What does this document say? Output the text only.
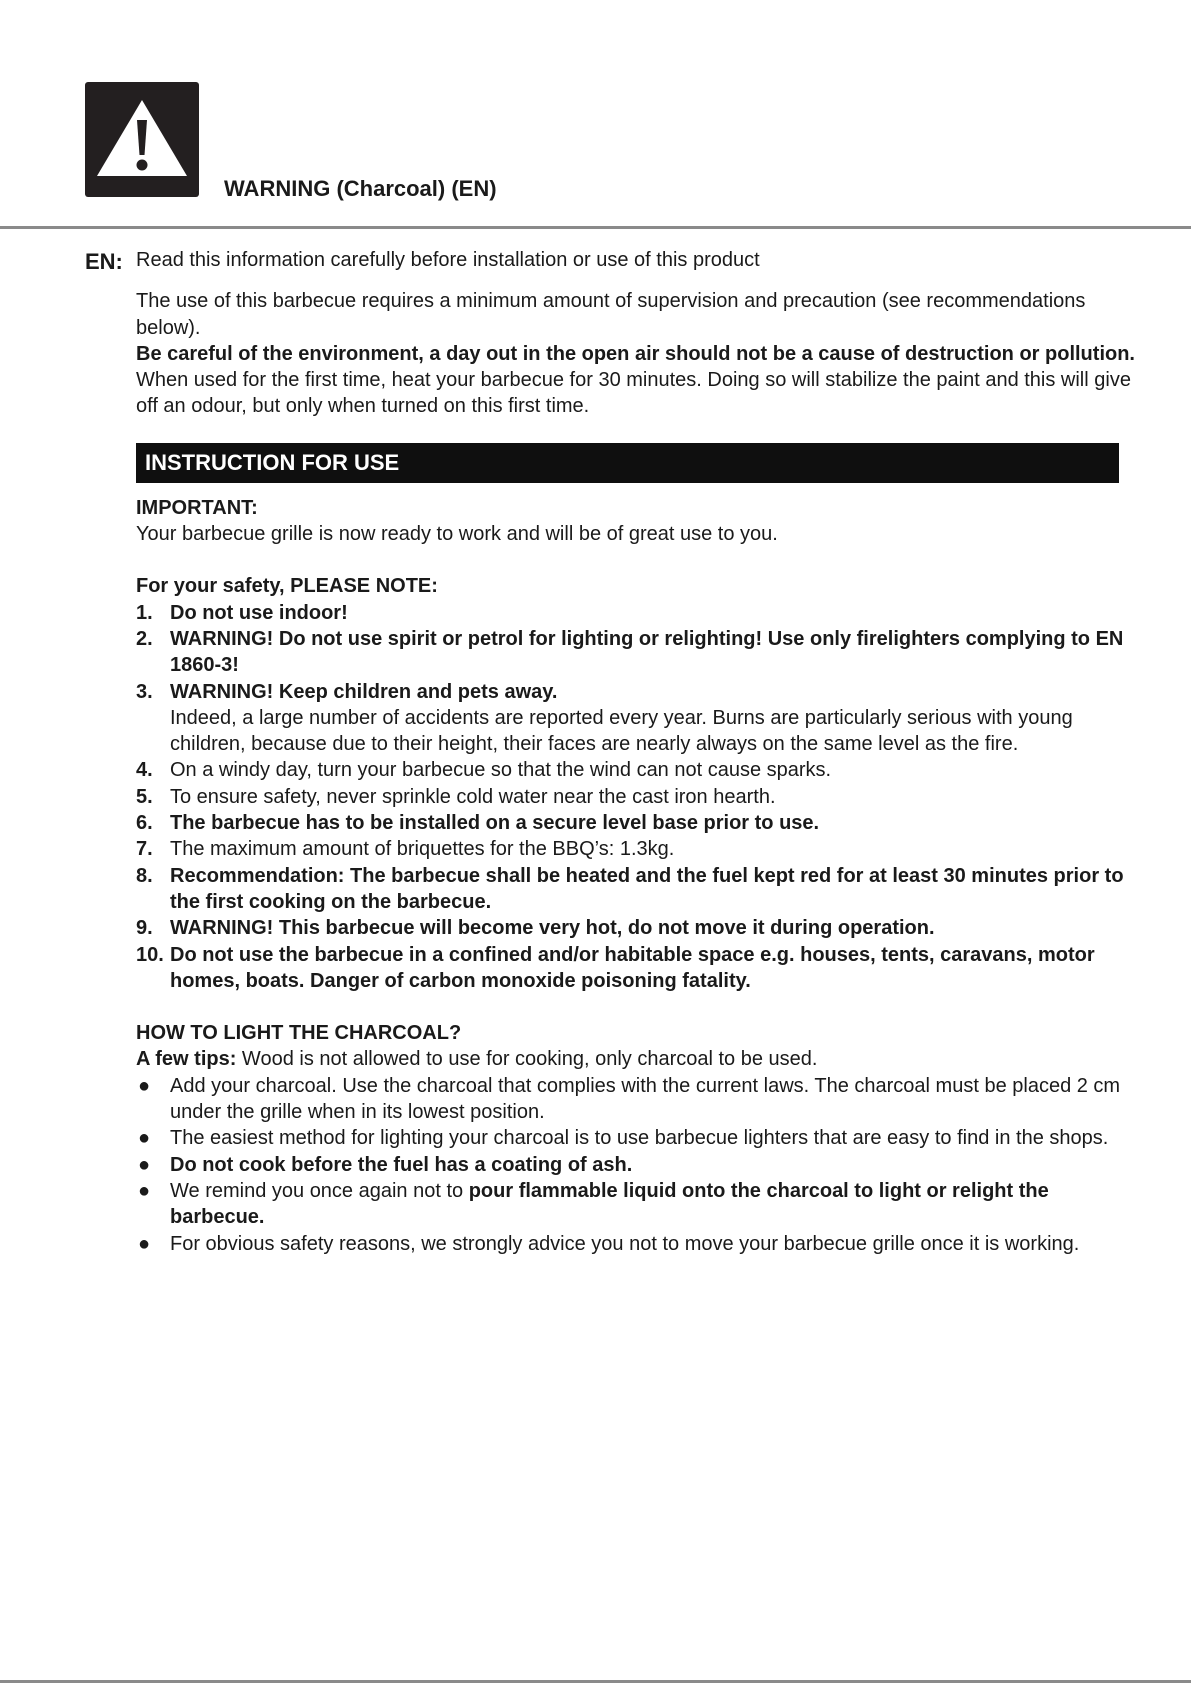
WARNING (Charcoal) (EN)
EN: Read this information carefully before installation or use of this product

The use of this barbecue requires a minimum amount of supervision and precaution (see recommendations below).
Be careful of the environment, a day out in the open air should not be a cause of destruction or pollution. When used for the first time, heat your barbecue for 30 minutes. Doing so will stabilize the paint and this will give off an odour, but only when turned on this first time.

INSTRUCTION FOR USE

IMPORTANT:

Your barbecue grille is now ready to work and will be of great use to you.

For your safety, PLEASE NOTE:

1. Do not use indoor!
2. WARNING! Do not use spirit or petrol for lighting or relighting! Use only firelighters complying to EN 1860-3!
3. WARNING! Keep children and pets away.
Indeed, a large number of accidents are reported every year. Burns are particularly serious with young children, because due to their height, their faces are nearly always on the same level as the fire.
4. On a windy day, turn your barbecue so that the wind can not cause sparks.
5. To ensure safety, never sprinkle cold water near the cast iron hearth.
6. The barbecue has to be installed on a secure level base prior to use.
7. The maximum amount of briquettes for the BBQ’s: 1.3kg.
8. Recommendation: The barbecue shall be heated and the fuel kept red for at least 30 minutes prior to the first cooking on the barbecue.
9. WARNING! This barbecue will become very hot, do not move it during operation.
10. Do not use the barbecue in a confined and/or habitable space e.g. houses, tents, caravans, motor homes, boats. Danger of carbon monoxide poisoning fatality.

HOW TO LIGHT THE CHARCOAL?

A few tips: Wood is not allowed to use for cooking, only charcoal to be used.

● Add your charcoal. Use the charcoal that complies with the current laws. The charcoal must be placed 2 cm under the grille when in its lowest position.
● The easiest method for lighting your charcoal is to use barbecue lighters that are easy to find in the shops.
● Do not cook before the fuel has a coating of ash.
● We remind you once again not to pour flammable liquid onto the charcoal to light or relight the barbecue.
● For obvious safety reasons, we strongly advice you not to move your barbecue grille once it is working.
